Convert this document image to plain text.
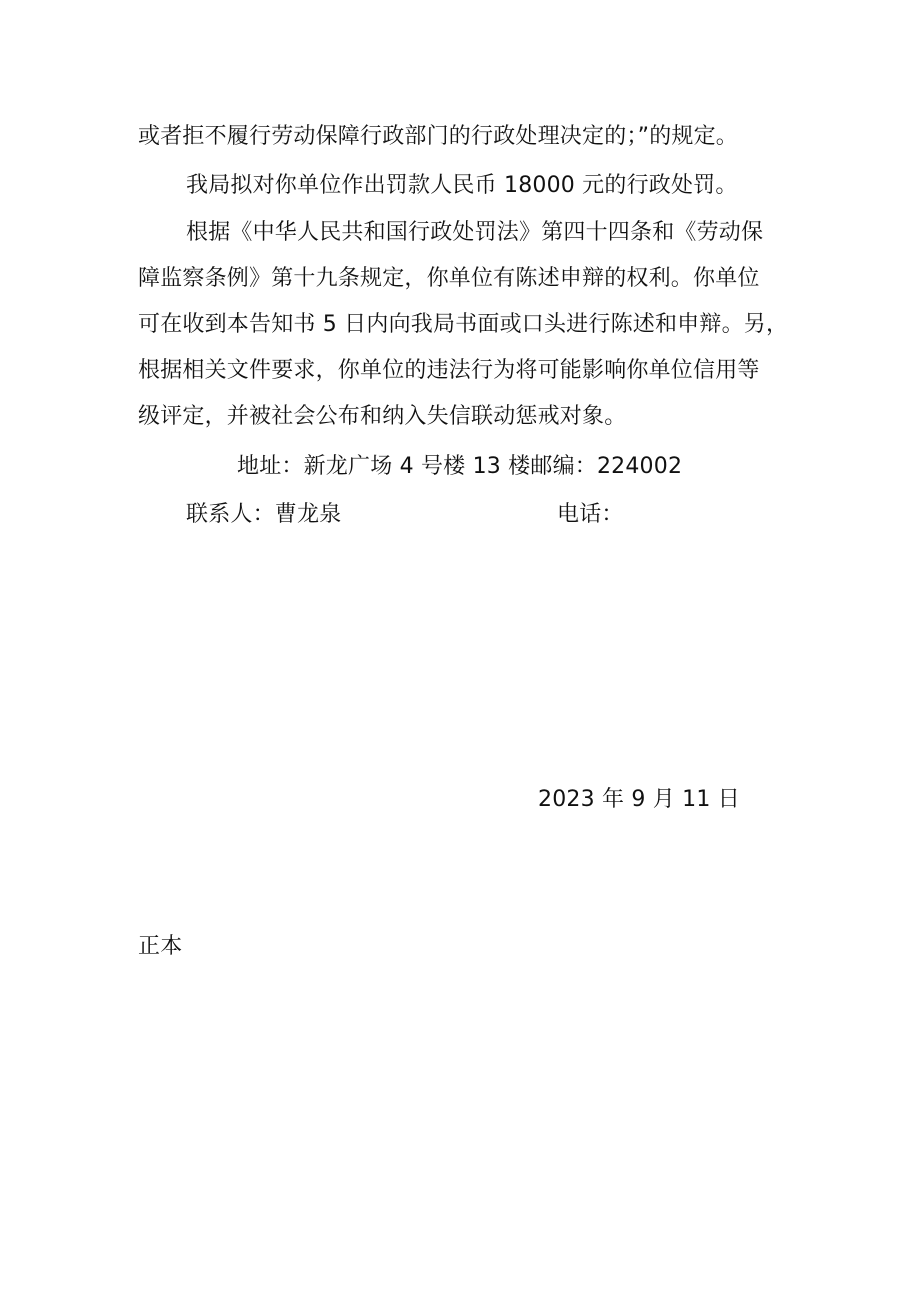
或者拒不履行劳动保障行政部门的行政处理决定的；”的规定。
我局拟对你单位作出罚款人民币 18000 元的行政处罚。
根据《中华人民共和国行政处罚法》第四十四条和《劳动保
障监察条例》第十九条规定，你单位有陈述申辩的权利。你单位
可在收到本告知书 5 日内向我局书面或口头进行陈述和申辩。另，
根据相关文件要求，你单位的违法行为将可能影响你单位信用等
级评定，并被社会公布和纳入失信联动惩戒对象。
地址：新龙广场 4 号楼 13 楼邮编：224002
联系人：曹龙泉	电话：
2023 年 9 月 11 日
正本
